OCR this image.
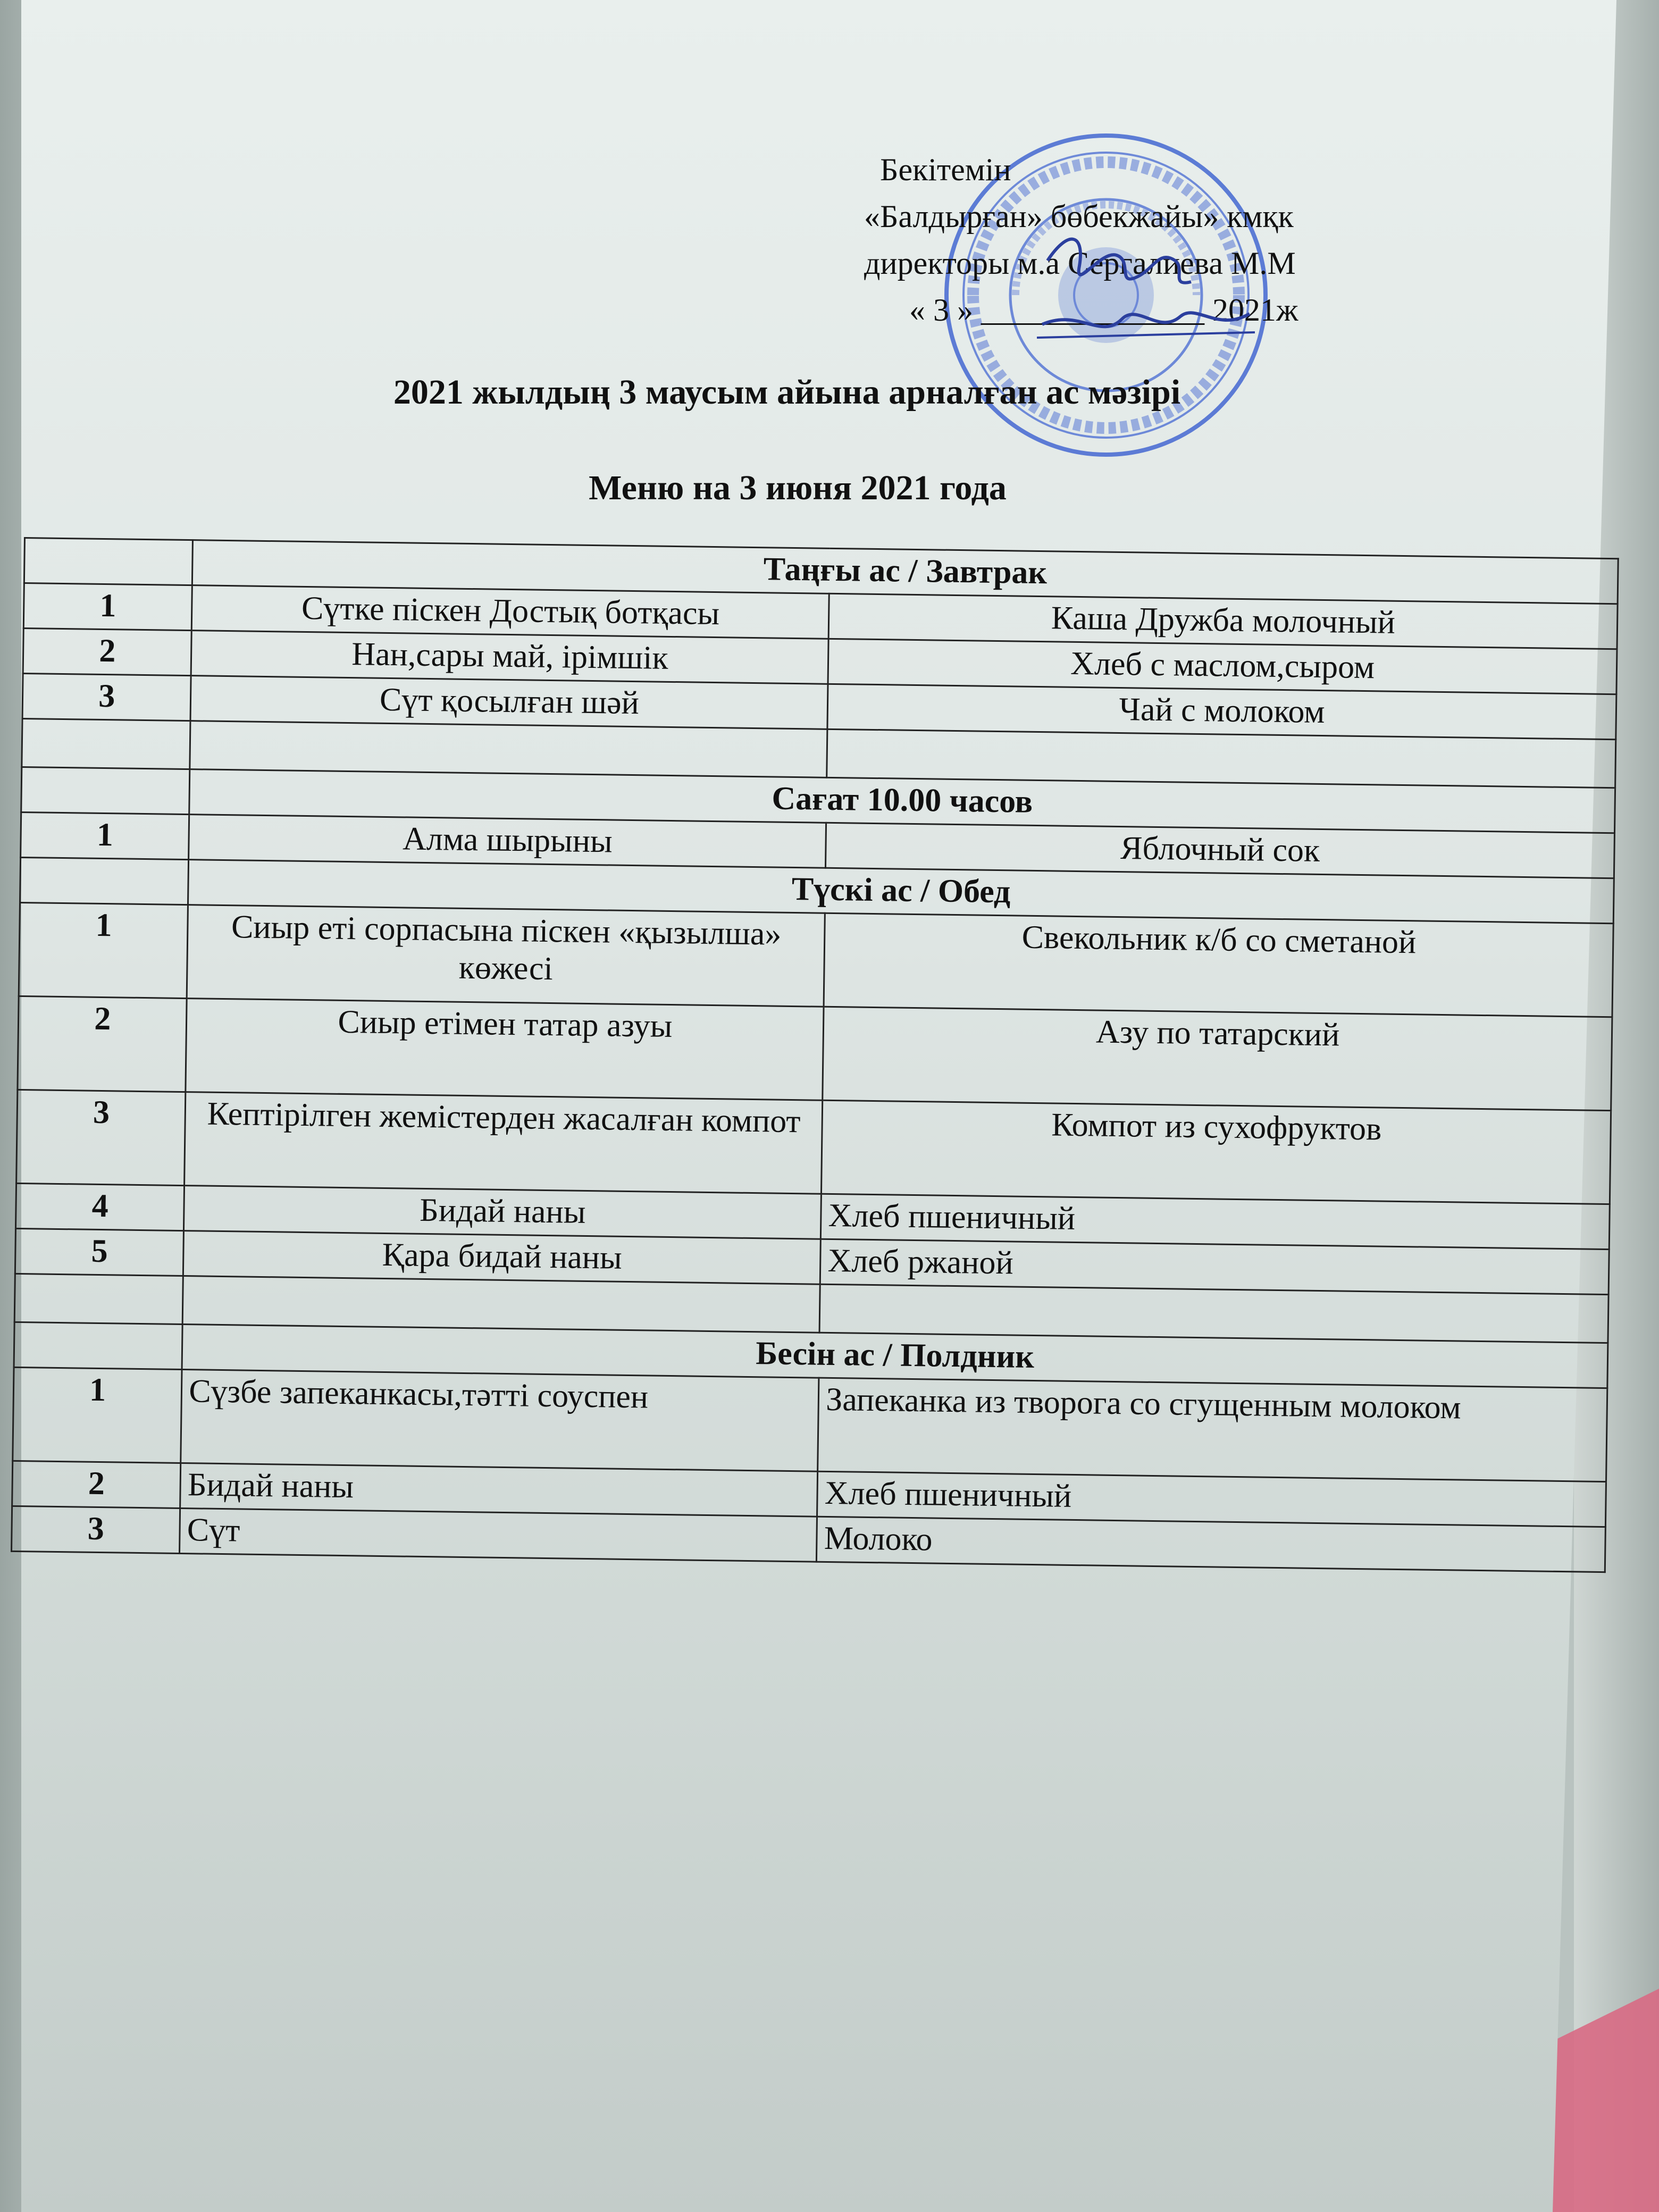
Бекітемін
«Балдырған» бөбекжайы» кмқк
директоры м.а Сергалиева М.М
« 3 » ______________ 2021ж
2021 жылдың 3 маусым айына арналған ас мәзірі
Меню на 3 июня 2021 года
	Таңғы ас / Завтрак	
1	Сүтке піскен Достық ботқасы	Каша Дружба молочный
2	Нан,сары май, ірімшік	Хлеб с маслом,сыром
3	Сүт қосылған шәй	Чай с молоком

	Сағат 10.00 часов	
1	Алма шырыны	Яблочный сок
	Түскі ас / Обед	
1	Сиыр еті сорпасына піскен «қызылша» көжесі	Свекольник к/б со сметаной
2	Сиыр етімен татар азуы	Азу по татарский
3	Кептірілген жемістерден жасалған компот	Компот из сухофруктов
4	Бидай наны	Хлеб пшеничный
5	Қара бидай наны	Хлеб ржаной

	Бесін ас / Полдник	
1	Сүзбе запеканкасы,тәтті соуспен	Запеканка из творога со сгущенным молоком
2	Бидай наны	Хлеб пшеничный
3	Сүт	Молоко
